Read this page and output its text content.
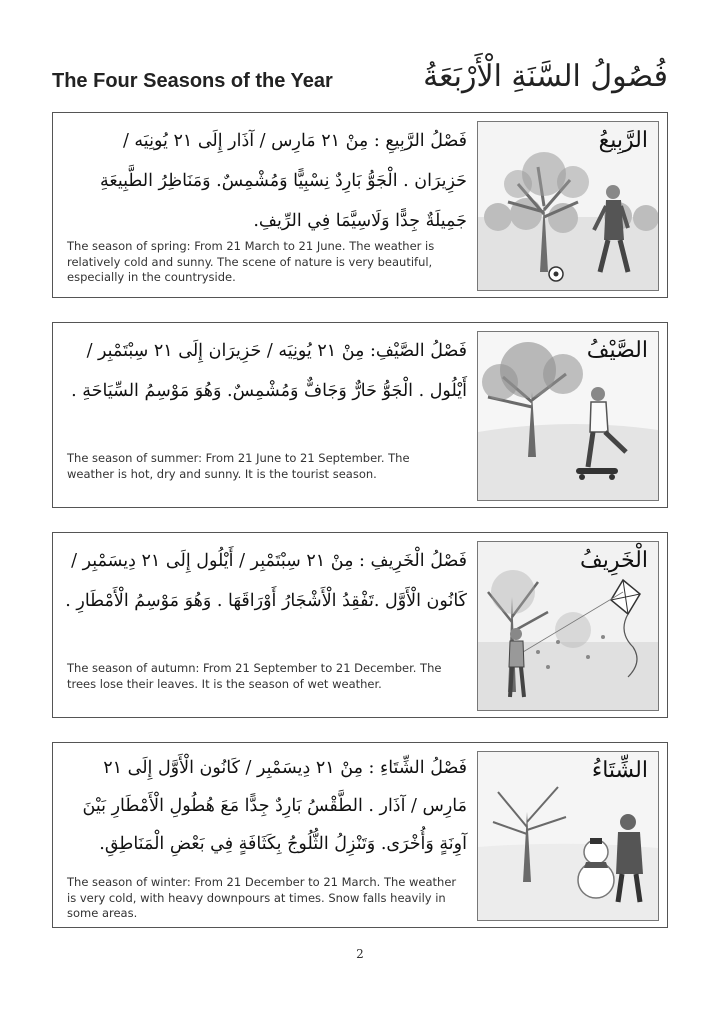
The Four Seasons of the Year	فُصُولُ السَّنَةِ الْأَرْبَعَةُ
الرَّبِيعُ
فَصْلُ الرَّبِيعِ : مِنْ ٢١ مَارِس / آذَار إِلَى ٢١ يُونِيَه / حَزِيرَان . الْجَوُّ بَارِدٌ نِسْبِيًّا وَمُشْمِسٌ. وَمَنَاظِرُ الطَّبِيعَةِ جَمِيلَةٌ جِدًّا وَلَاسِيَّمَا فِي الرِّيفِ.
The season of spring: From 21 March to 21 June. The weather is relatively cold and sunny. The scene of nature is very beautiful, especially in the countryside.
الصَّيْفُ
فَصْلُ الصَّيْفِ: مِنْ ٢١ يُونِيَه / حَزِيرَان إِلَى ٢١ سِبْتَمْبِر / أَيْلُول . الْجَوُّ حَارٌّ وَجَافٌّ وَمُشْمِسٌ. وَهُوَ مَوْسِمُ السِّيَاحَةِ .
The season of summer: From 21 June to 21 September. The weather is hot, dry and sunny. It is the tourist season.
الْخَرِيفُ
فَصْلُ الْخَرِيفِ : مِنْ ٢١ سِبْتَمْبِر / أَيْلُول إِلَى ٢١ دِيسَمْبِر / كَانُون الْأَوَّل .تَفْقِدُ الْأَشْجَارُ أَوْرَاقَهَا . وَهُوَ مَوْسِمُ الْأَمْطَارِ .
The season of autumn: From 21 September to 21 December. The trees lose their leaves. It is the season of wet weather.
الشِّتَاءُ
فَصْلُ الشِّتَاءِ : مِنْ ٢١ دِيسَمْبِر / كَانُون الْأَوَّل إِلَى ٢١ مَارِس / آذَار . الطَّقْسُ بَارِدٌ جِدًّا مَعَ هُطُولِ الْأَمْطَارِ بَيْنَ آوِنَةٍ وَأُخْرَى. وَتَنْزِلُ الثُّلُوجُ بِكَثَافَةٍ فِي بَعْضِ الْمَنَاطِقِ.
The season of winter: From 21 December to 21 March. The weather is very cold, with heavy downpours at times. Snow falls heavily in some areas.
2
